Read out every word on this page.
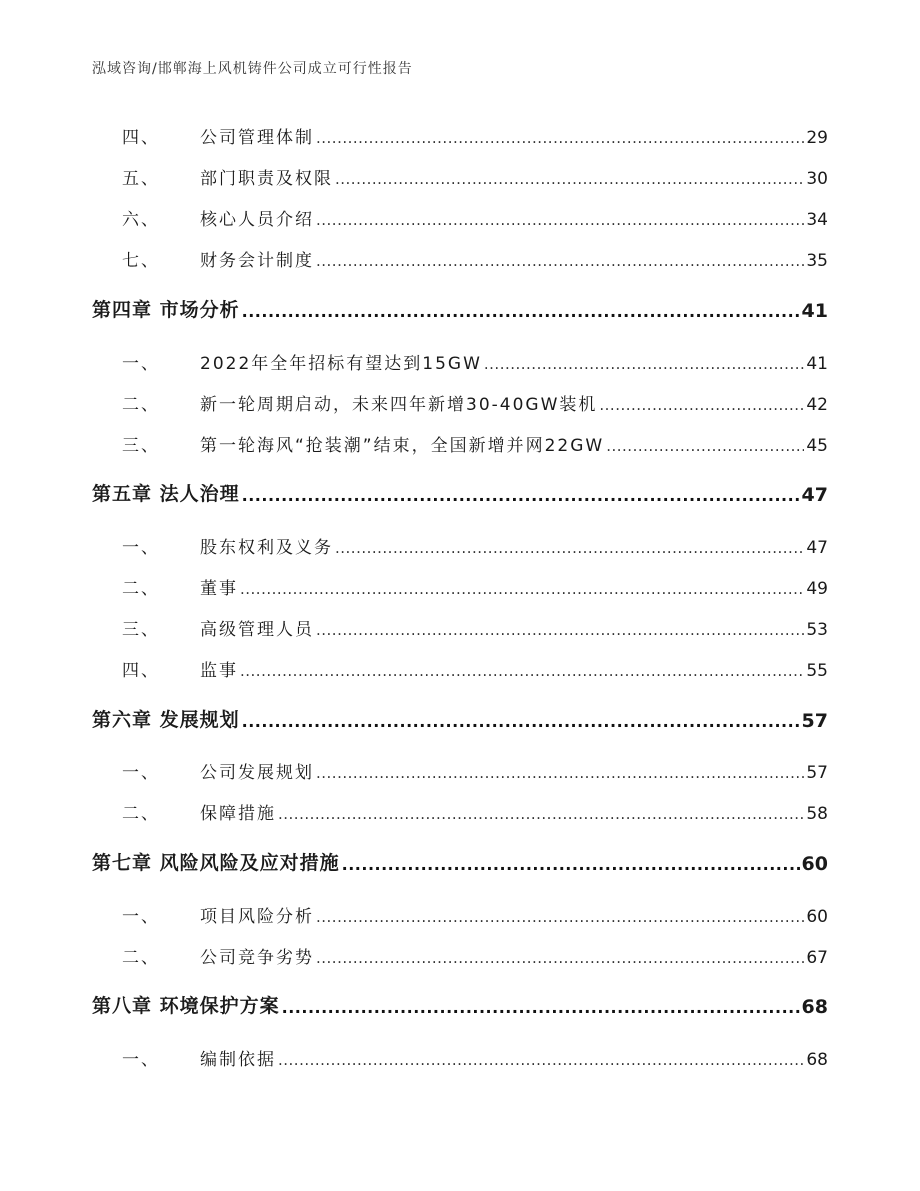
泓域咨询/邯郸海上风机铸件公司成立可行性报告
四、	公司管理体制 .....	29
五、	部门职责及权限 .....	30
六、	核心人员介绍 .....	34
七、	财务会计制度 .....	35
第四章 市场分析 .....	41
一、	2022年全年招标有望达到15GW .....	41
二、	新一轮周期启动，未来四年新增30-40GW装机 .....	42
三、	第一轮海风“抢装潮”结束，全国新增并网22GW .....	45
第五章 法人治理 .....	47
一、	股东权利及义务 .....	47
二、	董事 .....	49
三、	高级管理人员 .....	53
四、	监事 .....	55
第六章 发展规划 .....	57
一、	公司发展规划 .....	57
二、	保障措施 .....	58
第七章 风险风险及应对措施 .....	60
一、	项目风险分析 .....	60
二、	公司竞争劣势 .....	67
第八章 环境保护方案 .....	68
一、	编制依据 .....	68
